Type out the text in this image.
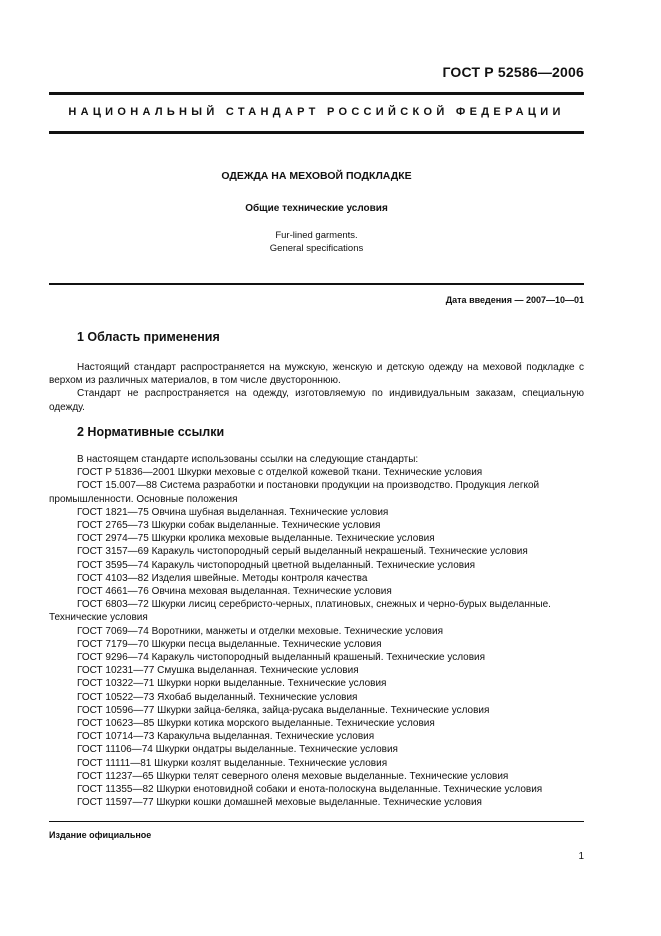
ГОСТ Р 52586—2006
НАЦИОНАЛЬНЫЙ СТАНДАРТ РОССИЙСКОЙ ФЕДЕРАЦИИ
ОДЕЖДА НА МЕХОВОЙ ПОДКЛАДКЕ
Общие технические условия
Fur-lined garments.
General specifications
Дата введения — 2007—10—01
1 Область применения

Настоящий стандарт распространяется на мужскую, женскую и детскую одежду на меховой подкладке с верхом из различных материалов, в том числе двустороннюю.

Стандарт не распространяется на одежду, изготовляемую по индивидуальным заказам, специальную одежду.

2 Нормативные ссылки

В настоящем стандарте использованы ссылки на следующие стандарты:

ГОСТ Р 51836—2001 Шкурки меховые с отделкой кожевой ткани. Технические условия

ГОСТ 15.007—88 Система разработки и постановки продукции на производство. Продукция легкой промышленности. Основные положения

ГОСТ 1821—75 Овчина шубная выделанная. Технические условия

ГОСТ 2765—73 Шкурки собак выделанные. Технические условия

ГОСТ 2974—75 Шкурки кролика меховые выделанные. Технические условия

ГОСТ 3157—69 Каракуль чистопородный серый выделанный некрашеный. Технические условия

ГОСТ 3595—74 Каракуль чистопородный цветной выделанный. Технические условия

ГОСТ 4103—82 Изделия швейные. Методы контроля качества

ГОСТ 4661—76 Овчина меховая выделанная. Технические условия

ГОСТ 6803—72 Шкурки лисиц серебристо-черных, платиновых, снежных и черно-бурых выделанные. Технические условия

ГОСТ 7069—74 Воротники, манжеты и отделки меховые. Технические условия

ГОСТ 7179—70 Шкурки песца выделанные. Технические условия

ГОСТ 9296—74 Каракуль чистопородный выделанный крашеный. Технические условия

ГОСТ 10231—77 Смушка выделанная. Технические условия

ГОСТ 10322—71 Шкурки норки выделанные. Технические условия

ГОСТ 10522—73 Яхобаб выделанный. Технические условия

ГОСТ 10596—77 Шкурки зайца-беляка, зайца-русака выделанные. Технические условия

ГОСТ 10623—85 Шкурки котика морского выделанные. Технические условия

ГОСТ 10714—73 Каракульча выделанная. Технические условия

ГОСТ 11106—74 Шкурки ондатры выделанные. Технические условия

ГОСТ 11111—81 Шкурки козлят выделанные. Технические условия

ГОСТ 11237—65 Шкурки телят северного оленя меховые выделанные. Технические условия

ГОСТ 11355—82 Шкурки енотовидной собаки и енота-полоскуна выделанные. Технические условия

ГОСТ 11597—77 Шкурки кошки домашней меховые выделанные. Технические условия

Издание официальное
1
